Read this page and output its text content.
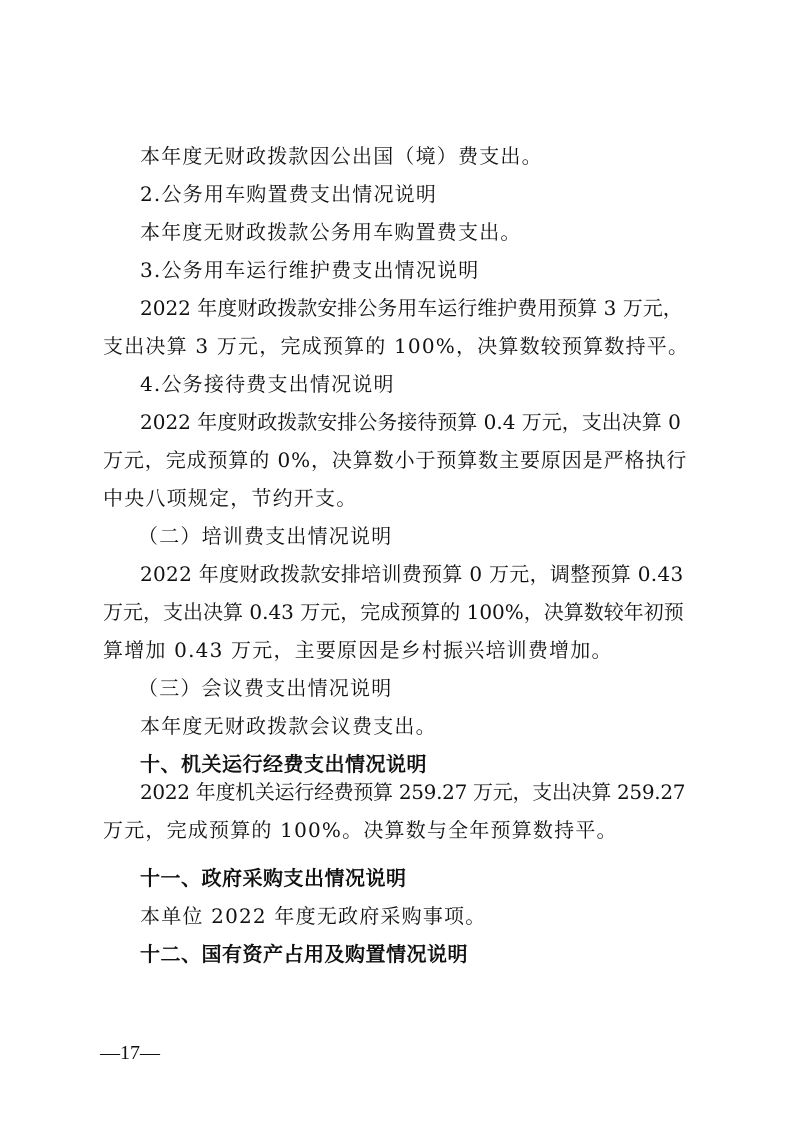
本年度无财政拨款因公出国（境）费支出。
2.公务用车购置费支出情况说明
本年度无财政拨款公务用车购置费支出。
3.公务用车运行维护费支出情况说明
2022 年度财政拨款安排公务用车运行维护费用预算 3 万元，
支出决算 3 万元，完成预算的 100%，决算数较预算数持平。
4.公务接待费支出情况说明
2022 年度财政拨款安排公务接待预算 0.4 万元，支出决算 0
万元，完成预算的 0%，决算数小于预算数主要原因是严格执行
中央八项规定，节约开支。
（二）培训费支出情况说明
2022 年度财政拨款安排培训费预算 0 万元，调整预算 0.43
万元，支出决算 0.43 万元，完成预算的 100%，决算数较年初预
算增加 0.43 万元，主要原因是乡村振兴培训费增加。
（三）会议费支出情况说明
本年度无财政拨款会议费支出。
十、机关运行经费支出情况说明
2022 年度机关运行经费预算 259.27 万元，支出决算 259.27
万元，完成预算的 100%。决算数与全年预算数持平。
十一、政府采购支出情况说明
本单位 2022 年度无政府采购事项。
十二、国有资产占用及购置情况说明
—17—
